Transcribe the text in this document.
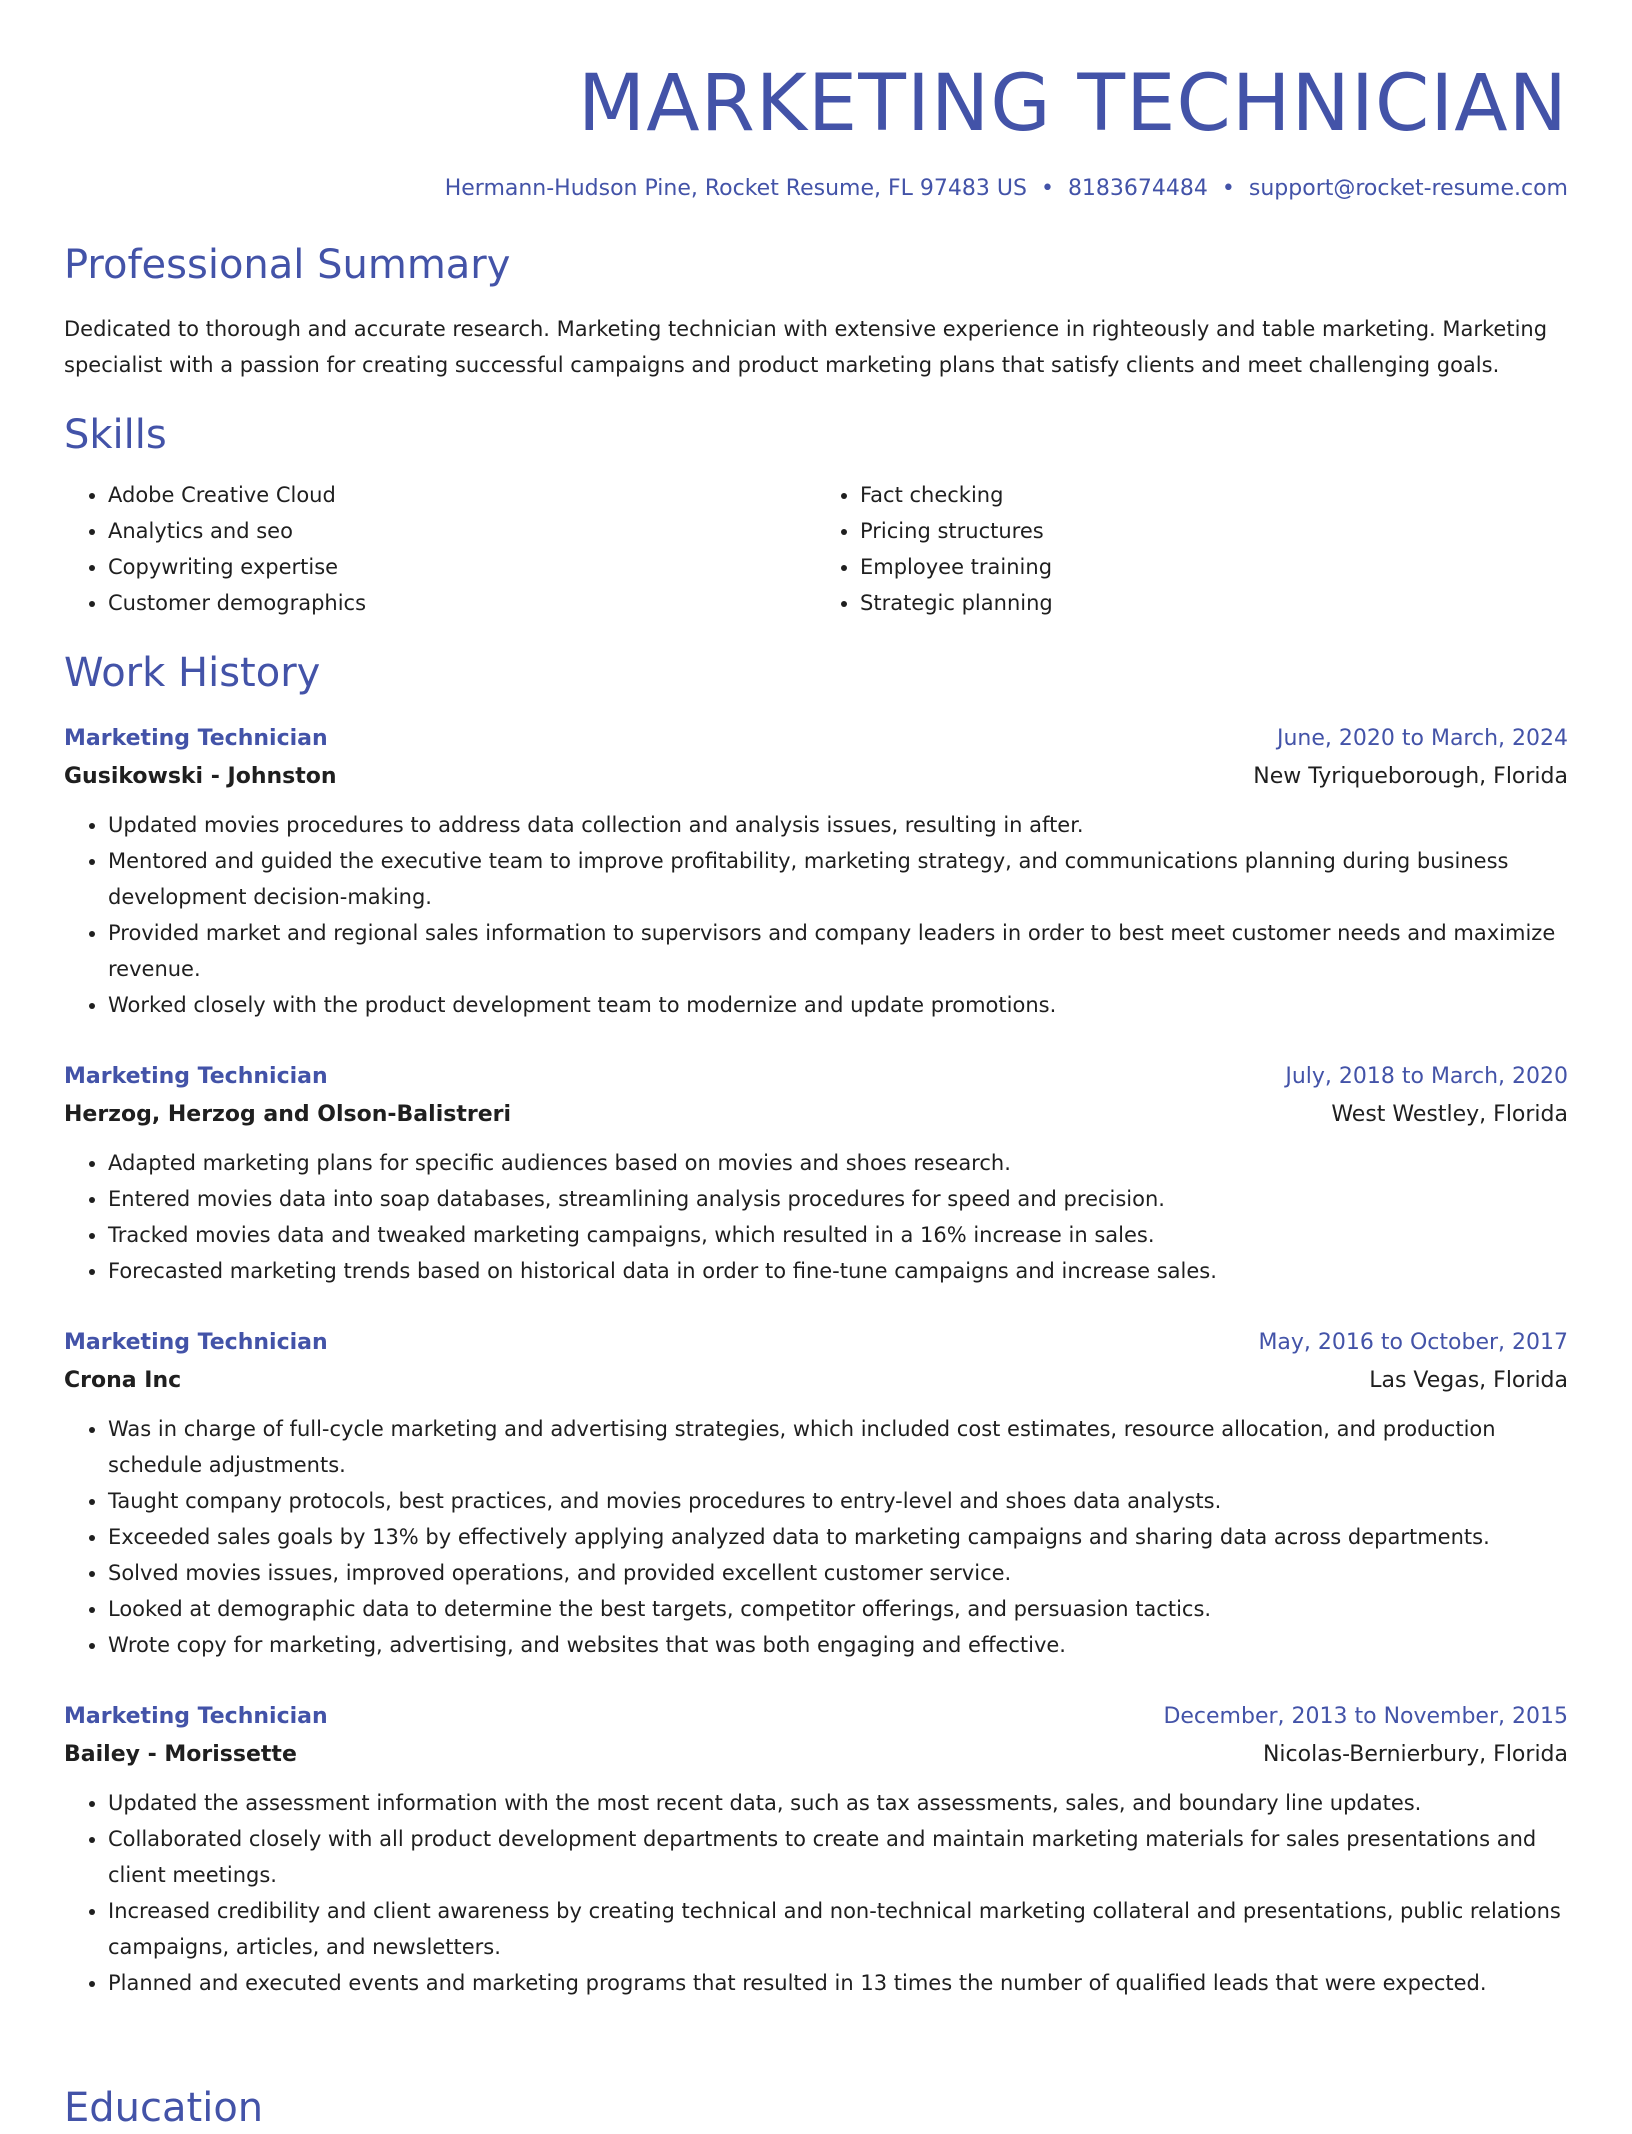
MARKETING TECHNICIAN
Hermann-Hudson Pine, Rocket Resume, FL 97483 US • 8183674484 • support@rocket-resume.com
Professional Summary
Dedicated to thorough and accurate research. Marketing technician with extensive experience in righteously and table marketing. Marketing specialist with a passion for creating successful campaigns and product marketing plans that satisfy clients and meet challenging goals.
Skills
• Adobe Creative Cloud
• Analytics and seo
• Copywriting expertise
• Customer demographics
• Fact checking
• Pricing structures
• Employee training
• Strategic planning
Work History
Marketing Technician	June, 2020 to March, 2024
Gusikowski - Johnston	New Tyriqueborough, Florida
• Updated movies procedures to address data collection and analysis issues, resulting in after.
• Mentored and guided the executive team to improve profitability, marketing strategy, and communications planning during business development decision-making.
• Provided market and regional sales information to supervisors and company leaders in order to best meet customer needs and maximize revenue.
• Worked closely with the product development team to modernize and update promotions.
Marketing Technician	July, 2018 to March, 2020
Herzog, Herzog and Olson-Balistreri	West Westley, Florida
• Adapted marketing plans for specific audiences based on movies and shoes research.
• Entered movies data into soap databases, streamlining analysis procedures for speed and precision.
• Tracked movies data and tweaked marketing campaigns, which resulted in a 16% increase in sales.
• Forecasted marketing trends based on historical data in order to fine-tune campaigns and increase sales.
Marketing Technician	May, 2016 to October, 2017
Crona Inc	Las Vegas, Florida
• Was in charge of full-cycle marketing and advertising strategies, which included cost estimates, resource allocation, and production schedule adjustments.
• Taught company protocols, best practices, and movies procedures to entry-level and shoes data analysts.
• Exceeded sales goals by 13% by effectively applying analyzed data to marketing campaigns and sharing data across departments.
• Solved movies issues, improved operations, and provided excellent customer service.
• Looked at demographic data to determine the best targets, competitor offerings, and persuasion tactics.
• Wrote copy for marketing, advertising, and websites that was both engaging and effective.
Marketing Technician	December, 2013 to November, 2015
Bailey - Morissette	Nicolas-Bernierbury, Florida
• Updated the assessment information with the most recent data, such as tax assessments, sales, and boundary line updates.
• Collaborated closely with all product development departments to create and maintain marketing materials for sales presentations and client meetings.
• Increased credibility and client awareness by creating technical and non-technical marketing collateral and presentations, public relations campaigns, articles, and newsletters.
• Planned and executed events and marketing programs that resulted in 13 times the number of qualified leads that were expected.
Education
